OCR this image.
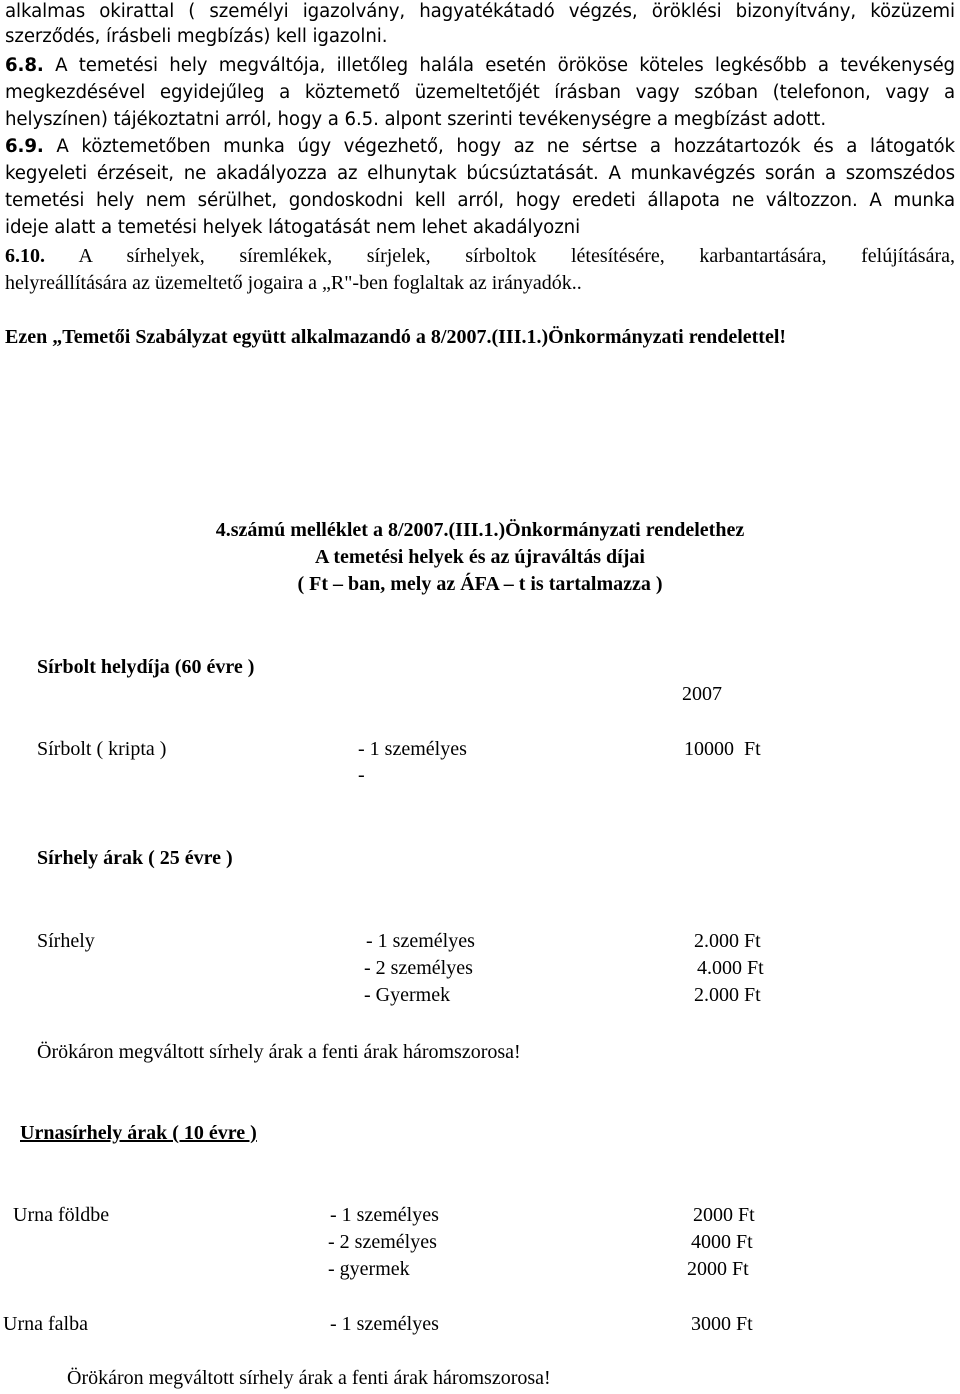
alkalmas okirattal ( személyi igazolvány, hagyatékátadó végzés, öröklési bizonyítvány, közüzemi
szerződés, írásbeli megbízás) kell igazolni.
6.8. A temetési hely megváltója, illetőleg halála esetén örököse köteles legkésőbb a tevékenység
megkezdésével egyidejűleg a köztemető üzemeltetőjét írásban vagy szóban (telefonon, vagy a
helyszínen) tájékoztatni arról, hogy a 6.5. alpont szerinti tevékenységre a megbízást adott.
6.9. A köztemetőben munka úgy végezhető, hogy az ne sértse a hozzátartozók és a látogatók
kegyeleti érzéseit, ne akadályozza az elhunytak búcsúztatását. A munkavégzés során a szomszédos
temetési hely nem sérülhet, gondoskodni kell arról, hogy eredeti állapota ne változzon. A munka
ideje alatt a temetési helyek látogatását nem lehet akadályozni
6.10. A sírhelyek, síremlékek, sírjelek, sírboltok létesítésére, karbantartására, felújítására,
helyreállítására az üzemeltető jogaira a „R"-ben foglaltak az irányadók..
Ezen „Temetői Szabályzat együtt alkalmazandó a 8/2007.(III.1.)Önkormányzati rendelettel!
4.számú melléklet a 8/2007.(III.1.)Önkormányzati rendelethez
A temetési helyek és az újraváltás díjai
( Ft – ban, mely az ÁFA – t is tartalmazza )
Sírbolt helydíja (60 évre )
2007
Sírbolt ( kripta )	- 1 személyes	10000  Ft
-
Sírhely árak ( 25 évre )
Sírhely	- 1 személyes	2.000 Ft
- 2 személyes	4.000 Ft
- Gyermek	2.000 Ft
Örökáron megváltott sírhely árak a fenti árak háromszorosa!
Urnasírhely árak ( 10 évre )
Urna földbe	- 1 személyes	2000 Ft
- 2 személyes	4000 Ft
- gyermek	2000 Ft
Urna falba	- 1 személyes	3000 Ft
Örökáron megváltott sírhely árak a fenti árak háromszorosa!
